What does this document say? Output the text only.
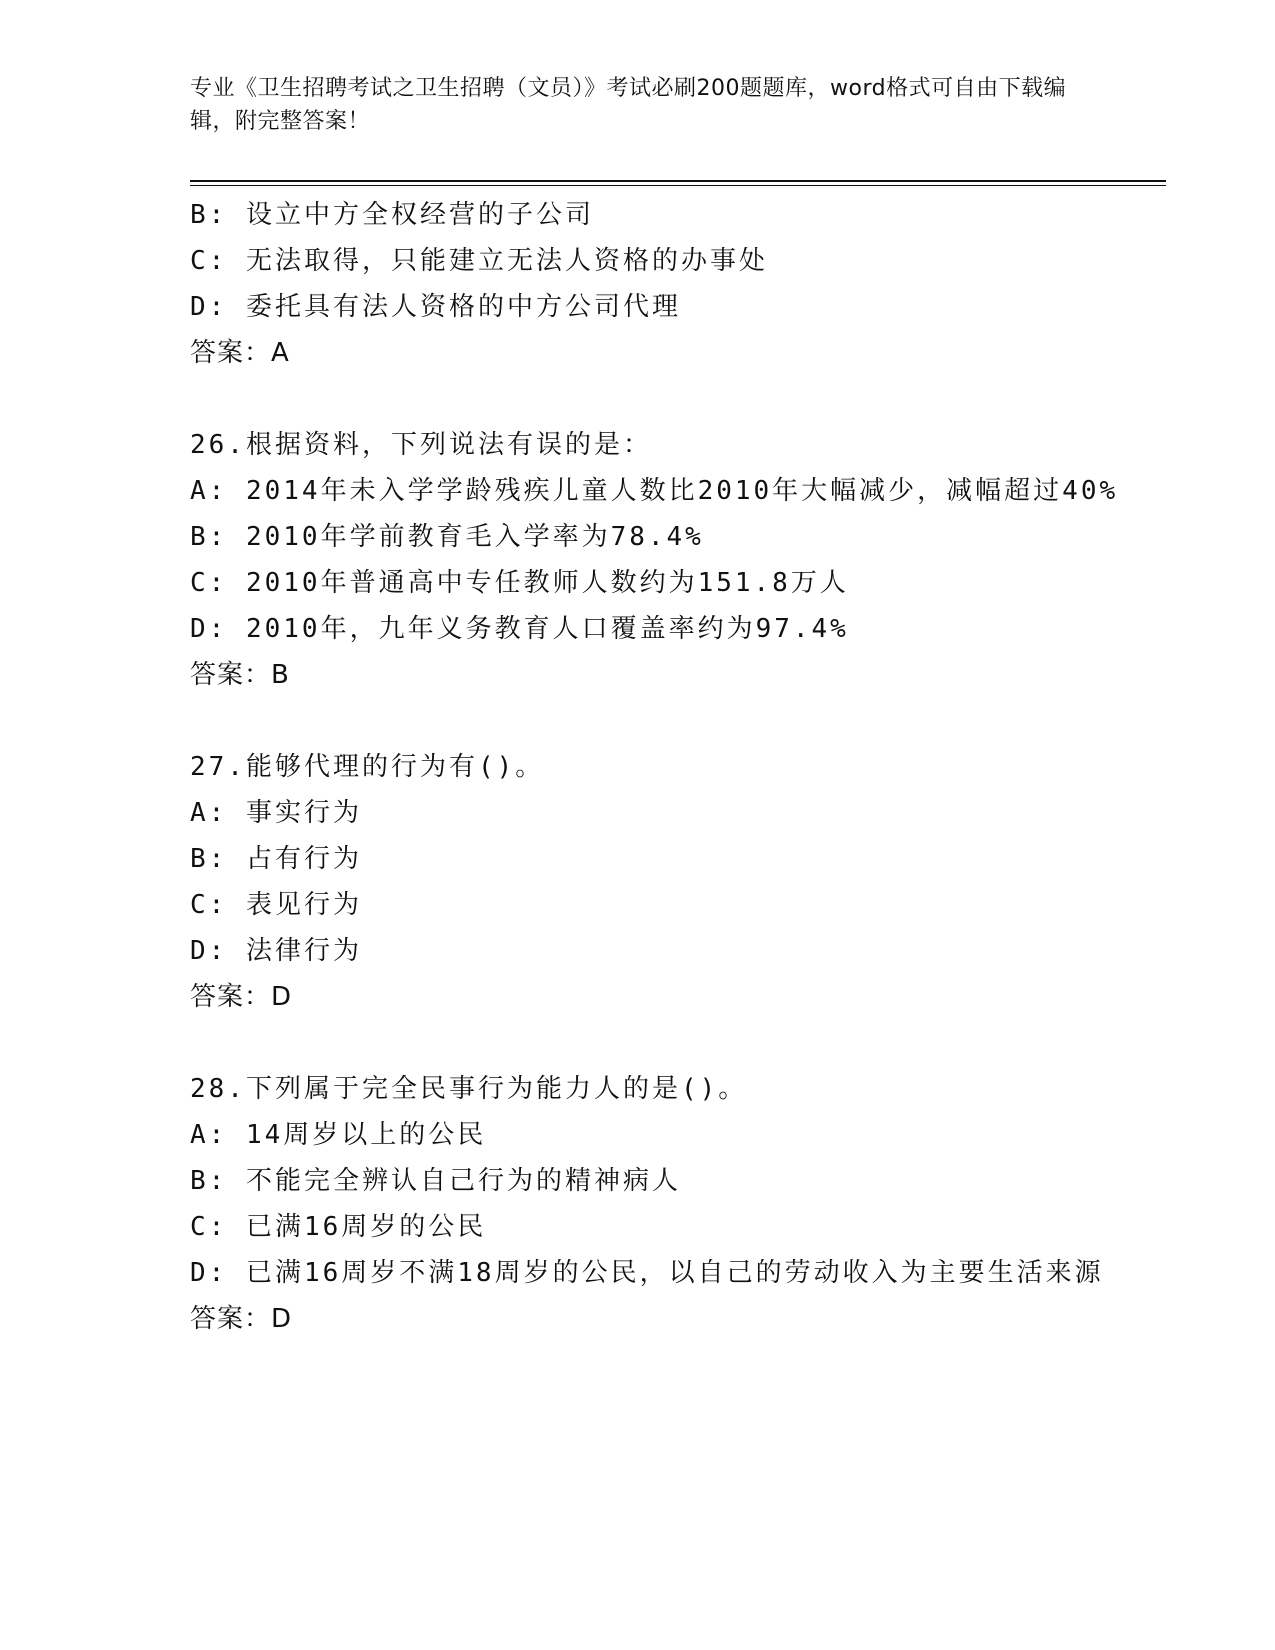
专业《卫生招聘考试之卫生招聘（文员）》考试必刷200题题库，word格式可自由下载编辑，附完整答案！
B: 设立中方全权经营的子公司
C: 无法取得，只能建立无法人资格的办事处
D: 委托具有法人资格的中方公司代理
答案：A
26.根据资料，下列说法有误的是：
A: 2014年未入学学龄残疾儿童人数比2010年大幅减少，减幅超过40%
B: 2010年学前教育毛入学率为78.4%
C: 2010年普通高中专任教师人数约为151.8万人
D: 2010年，九年义务教育人口覆盖率约为97.4%
答案：B
27.能够代理的行为有()。
A: 事实行为
B: 占有行为
C: 表见行为
D: 法律行为
答案：D
28.下列属于完全民事行为能力人的是()。
A: 14周岁以上的公民
B: 不能完全辨认自己行为的精神病人
C: 已满16周岁的公民
D: 已满16周岁不满18周岁的公民，以自己的劳动收入为主要生活来源
答案：D
